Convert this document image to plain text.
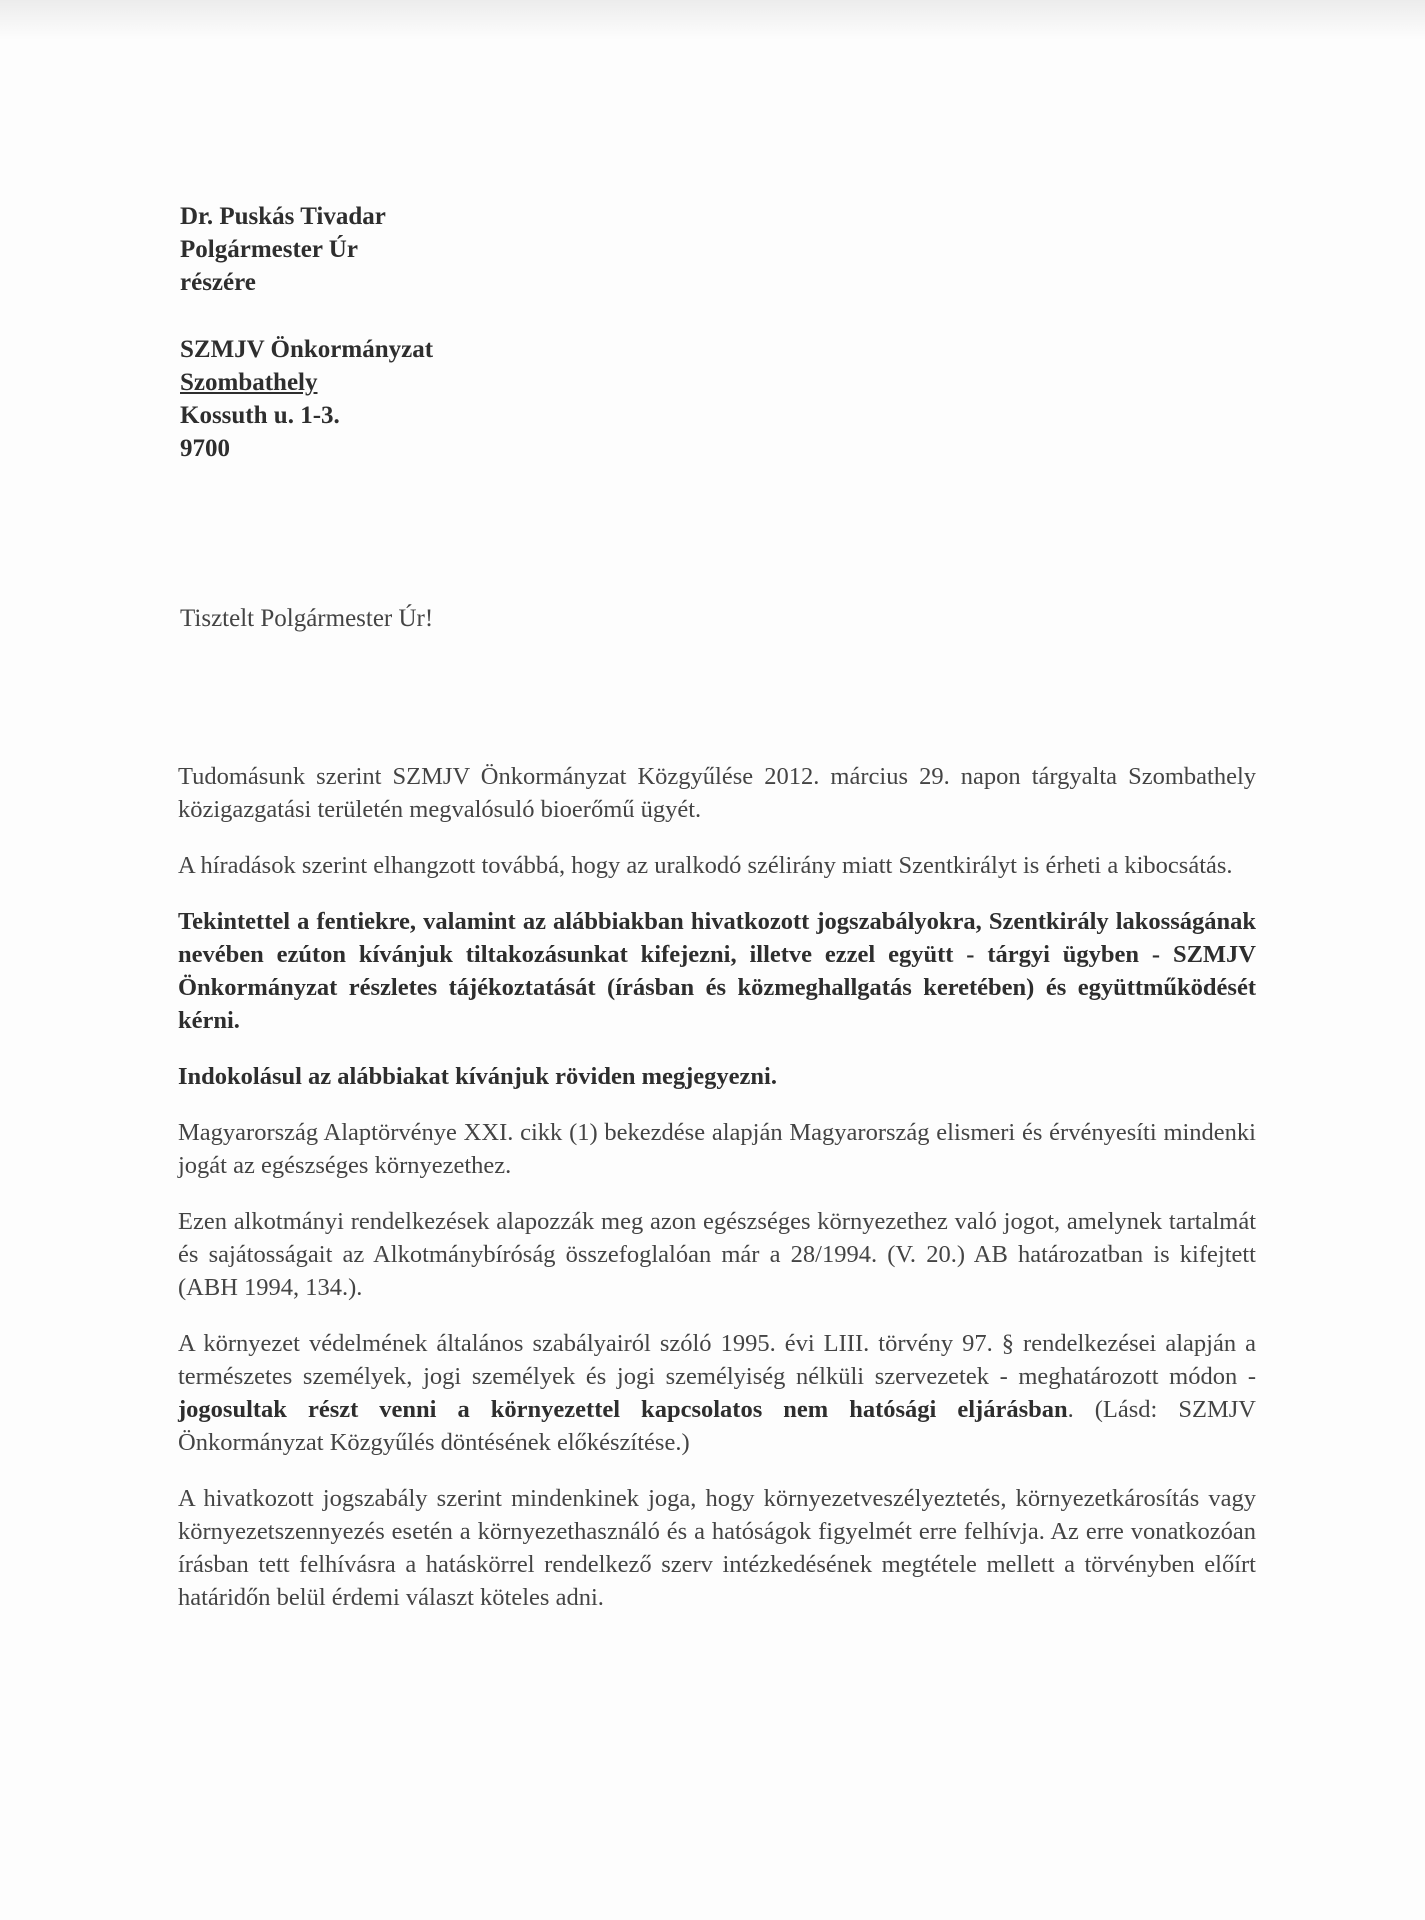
Dr. Puskás Tivadar
Polgármester Úr
részére
SZMJV Önkormányzat
Szombathely
Kossuth u. 1-3.
9700
Tisztelt Polgármester Úr!

Tudomásunk szerint SZMJV Önkormányzat Közgyűlése 2012. március 29. napon tárgyalta Szombathely közigazgatási területén megvalósuló bioerőmű ügyét.

A híradások szerint elhangzott továbbá, hogy az uralkodó szélirány miatt Szentkirályt is érheti a kibocsátás.

Tekintettel a fentiekre, valamint az alábbiakban hivatkozott jogszabályokra, Szentkirály lakosságának nevében ezúton kívánjuk tiltakozásunkat kifejezni, illetve ezzel együtt - tárgyi ügyben - SZMJV Önkormányzat részletes tájékoztatását (írásban és közmeghallgatás keretében) és együttműködését kérni.

Indokolásul az alábbiakat kívánjuk röviden megjegyezni.

Magyarország Alaptörvénye XXI. cikk (1) bekezdése alapján Magyarország elismeri és érvényesíti mindenki jogát az egészséges környezethez.

Ezen alkotmányi rendelkezések alapozzák meg azon egészséges környezethez való jogot, amelynek tartalmát és sajátosságait az Alkotmánybíróság összefoglalóan már a 28/1994. (V. 20.) AB határozatban is kifejtett (ABH 1994, 134.).

A környezet védelmének általános szabályairól szóló 1995. évi LIII. törvény 97. § rendelkezései alapján a természetes személyek, jogi személyek és jogi személyiség nélküli szervezetek - meghatározott módon - jogosultak részt venni a környezettel kapcsolatos nem hatósági eljárásban. (Lásd: SZMJV Önkormányzat Közgyűlés döntésének előkészítése.)

A hivatkozott jogszabály szerint mindenkinek joga, hogy környezetveszélyeztetés, környezetkárosítás vagy környezetszennyezés esetén a környezethasználó és a hatóságok figyelmét erre felhívja. Az erre vonatkozóan írásban tett felhívásra a hatáskörrel rendelkező szerv intézkedésének megtétele mellett a törvényben előírt határidőn belül érdemi választ köteles adni.
